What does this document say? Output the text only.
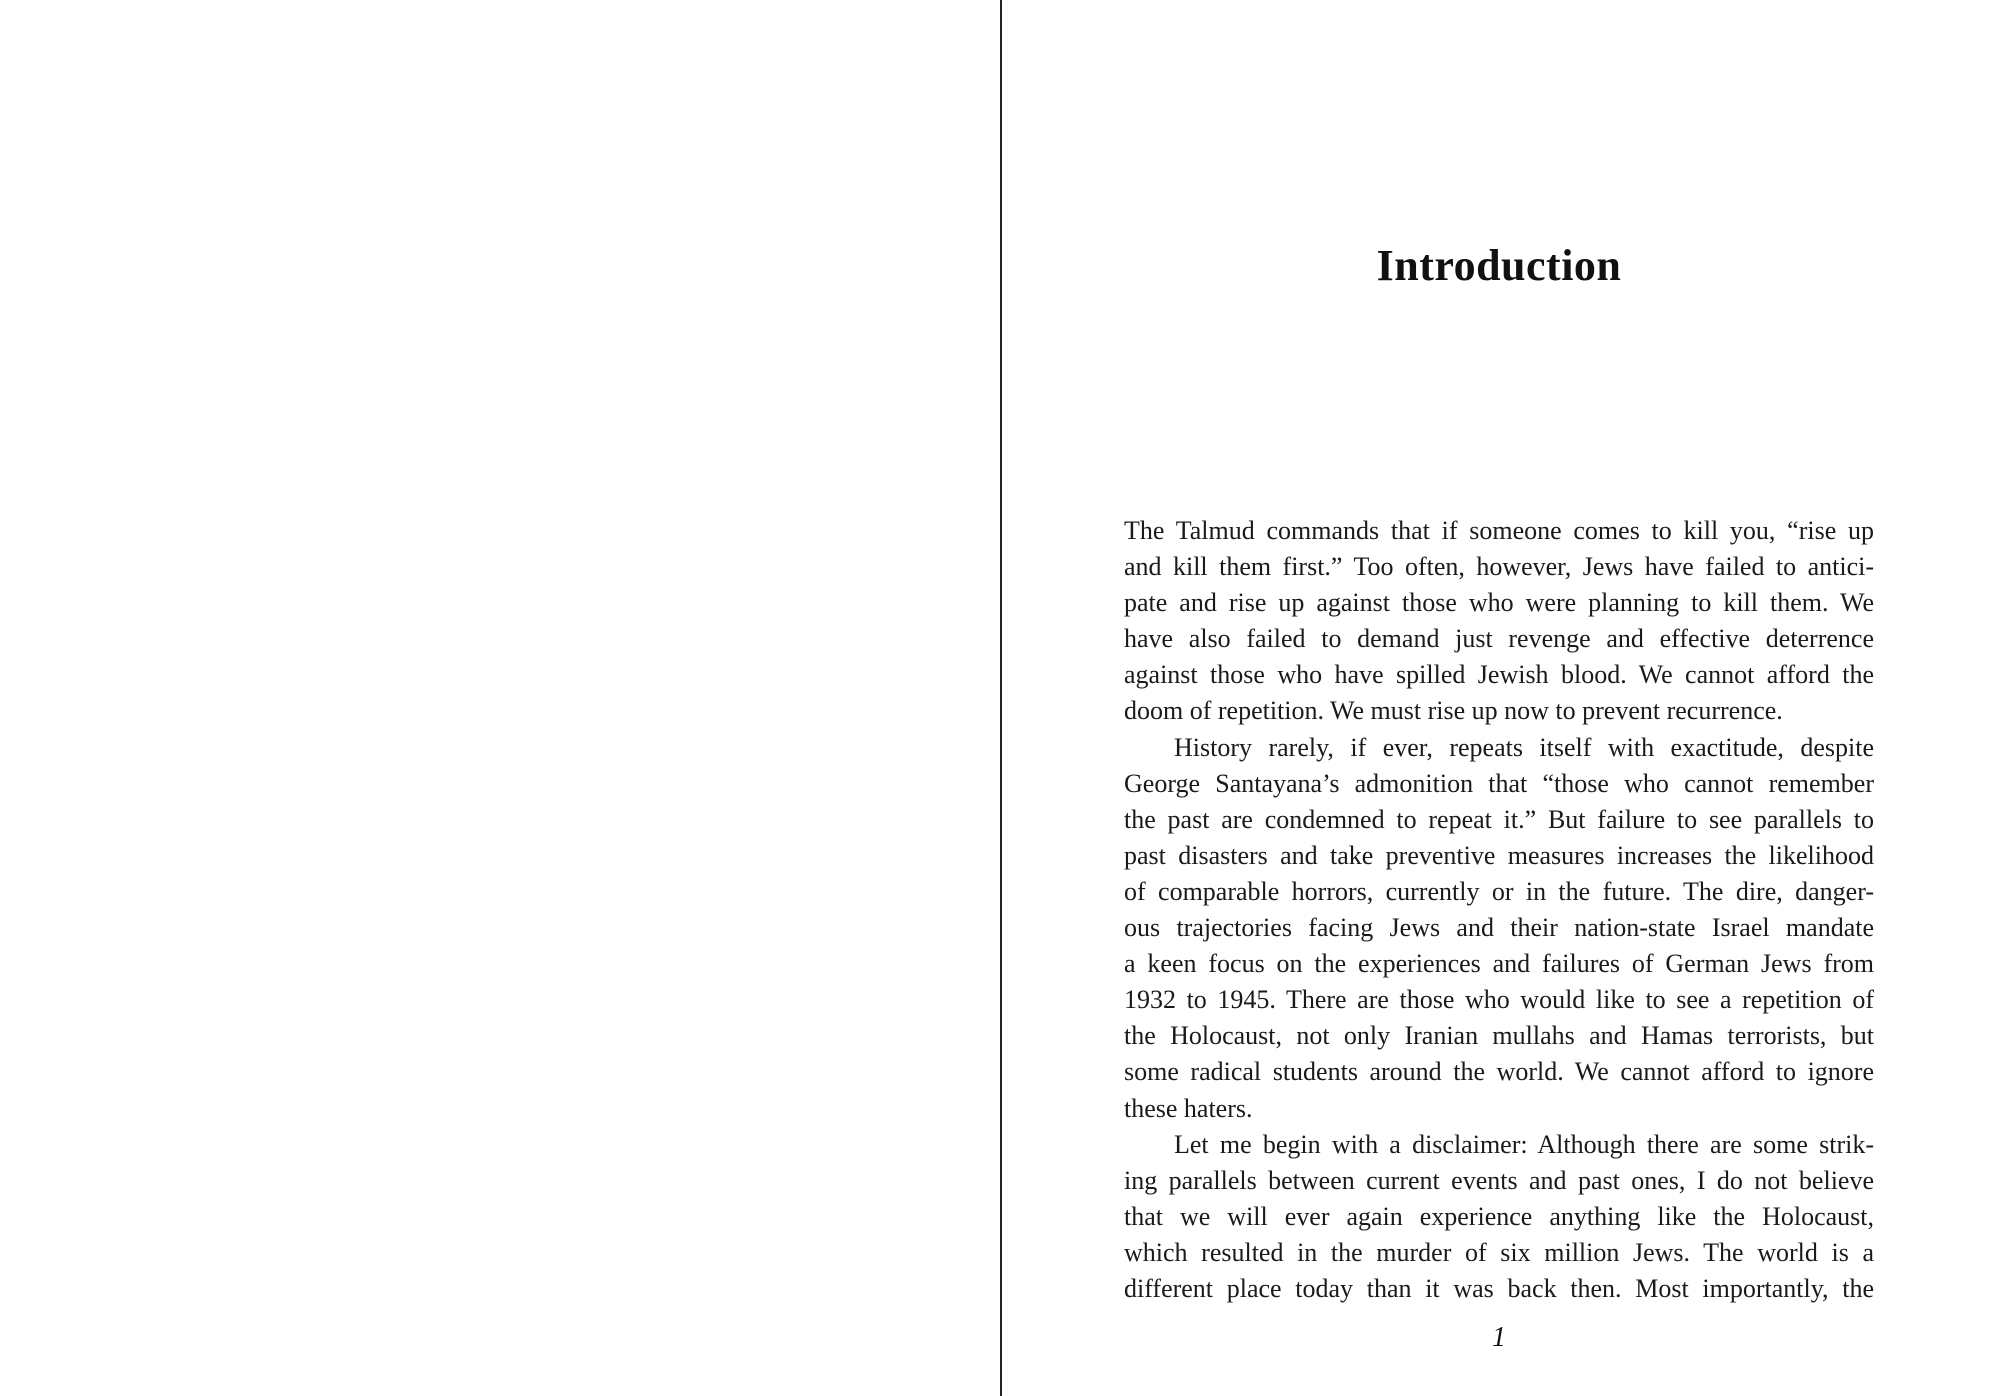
Introduction
The Talmud commands that if someone comes to kill you, “rise up
and kill them first.” Too often, however, Jews have failed to antici-
pate and rise up against those who were planning to kill them. We
have also failed to demand just revenge and effective deterrence
against those who have spilled Jewish blood. We cannot afford the
doom of repetition. We must rise up now to prevent recurrence.
History rarely, if ever, repeats itself with exactitude, despite
George Santayana’s admonition that “those who cannot remember
the past are condemned to repeat it.” But failure to see parallels to
past disasters and take preventive measures increases the likelihood
of comparable horrors, currently or in the future. The dire, danger-
ous trajectories facing Jews and their nation-state Israel mandate
a keen focus on the experiences and failures of German Jews from
1932 to 1945. There are those who would like to see a repetition of
the Holocaust, not only Iranian mullahs and Hamas terrorists, but
some radical students around the world. We cannot afford to ignore
these haters.
Let me begin with a disclaimer: Although there are some strik-
ing parallels between current events and past ones, I do not believe
that we will ever again experience anything like the Holocaust,
which resulted in the murder of six million Jews. The world is a
different place today than it was back then. Most importantly, the
1
